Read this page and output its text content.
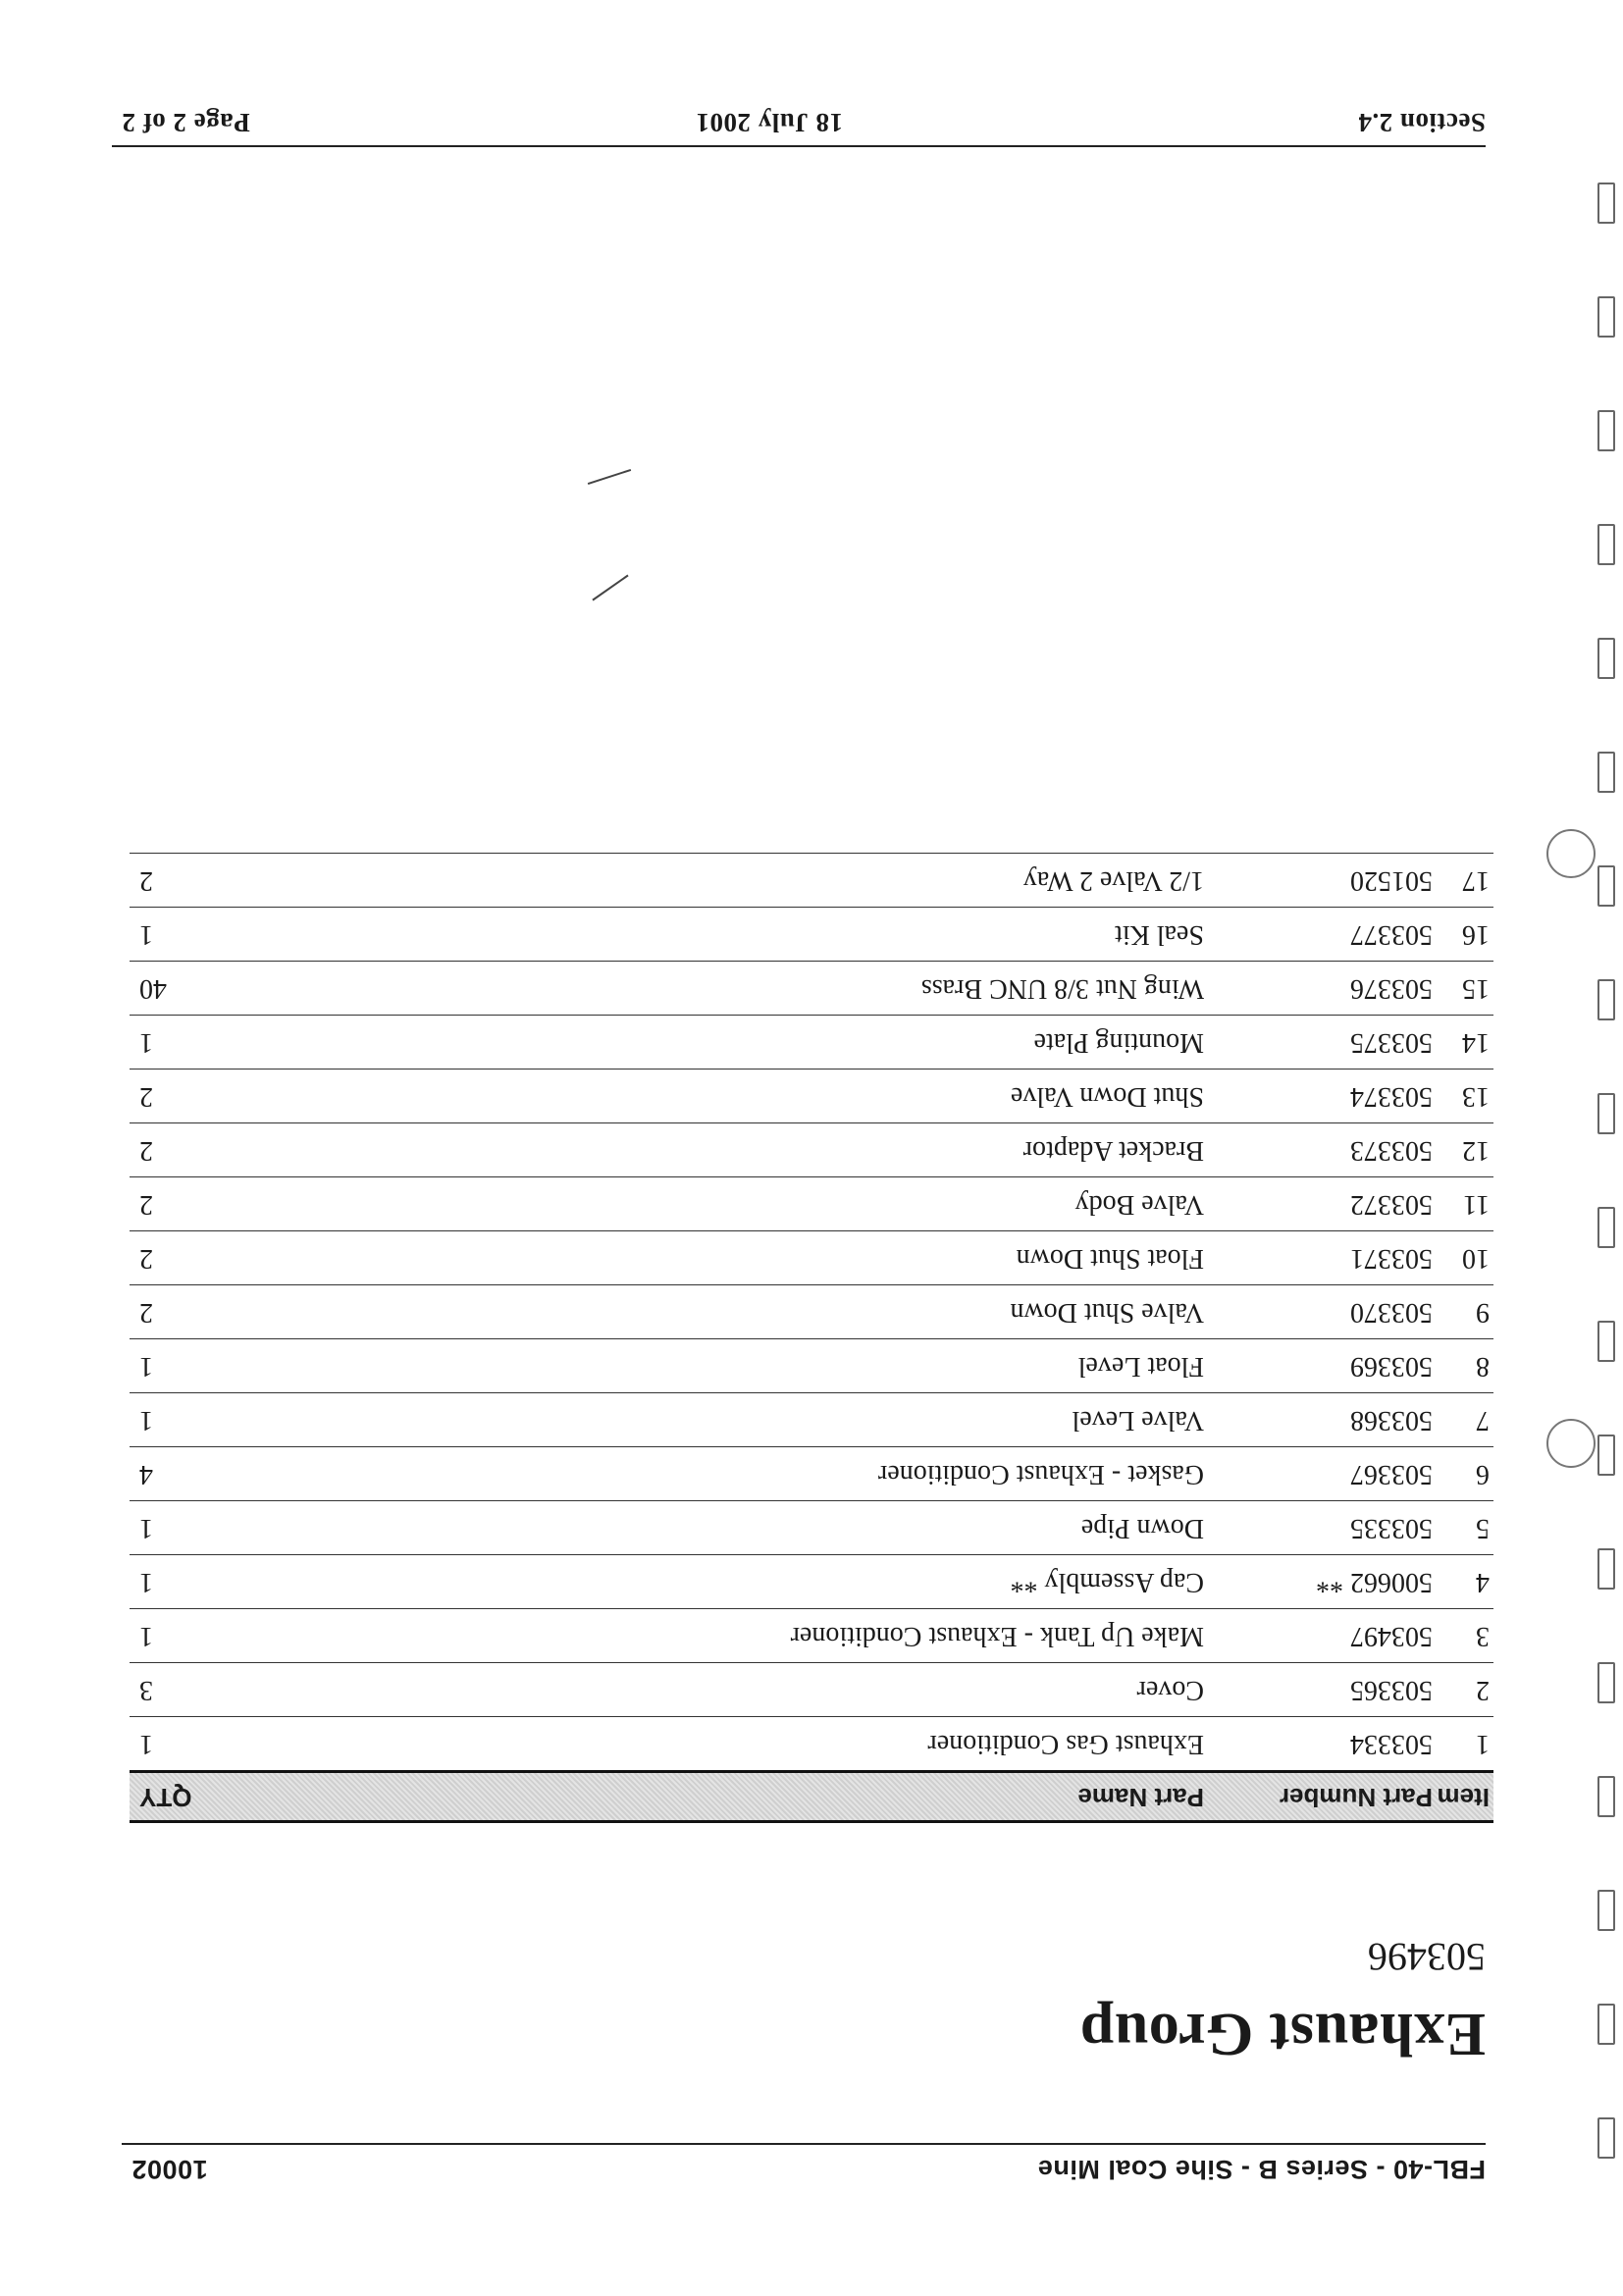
FBL-40 - Series B - Sihe Coal Mine
10002
Exhaust Group
503496
Item
Part Number
Part Name
QTY
1
503334
Exhaust Gas Conditioner
1
2
503365
Cover
3
3
503497
Make Up Tank - Exhaust Conditioner
1
4
500662 **
Cap Assembly **
1
5
503335
Down Pipe
1
6
503367
Gasket - Exhaust Conditioner
4
7
503368
Valve Level
1
8
503369
Float Level
1
9
503370
Valve Shut Down
2
10
503371
Float Shut Down
2
11
503372
Valve Body
2
12
503373
Bracket Adaptor
2
13
503374
Shut Down Valve
2
14
503375
Mounting Plate
1
15
503376
Wing Nut 3/8 UNC Brass
40
16
503377
Seal Kit
1
17
501520
1/2 Valve 2 Way
2
Section 2.4
18 July 2001
Page 2 of 2
